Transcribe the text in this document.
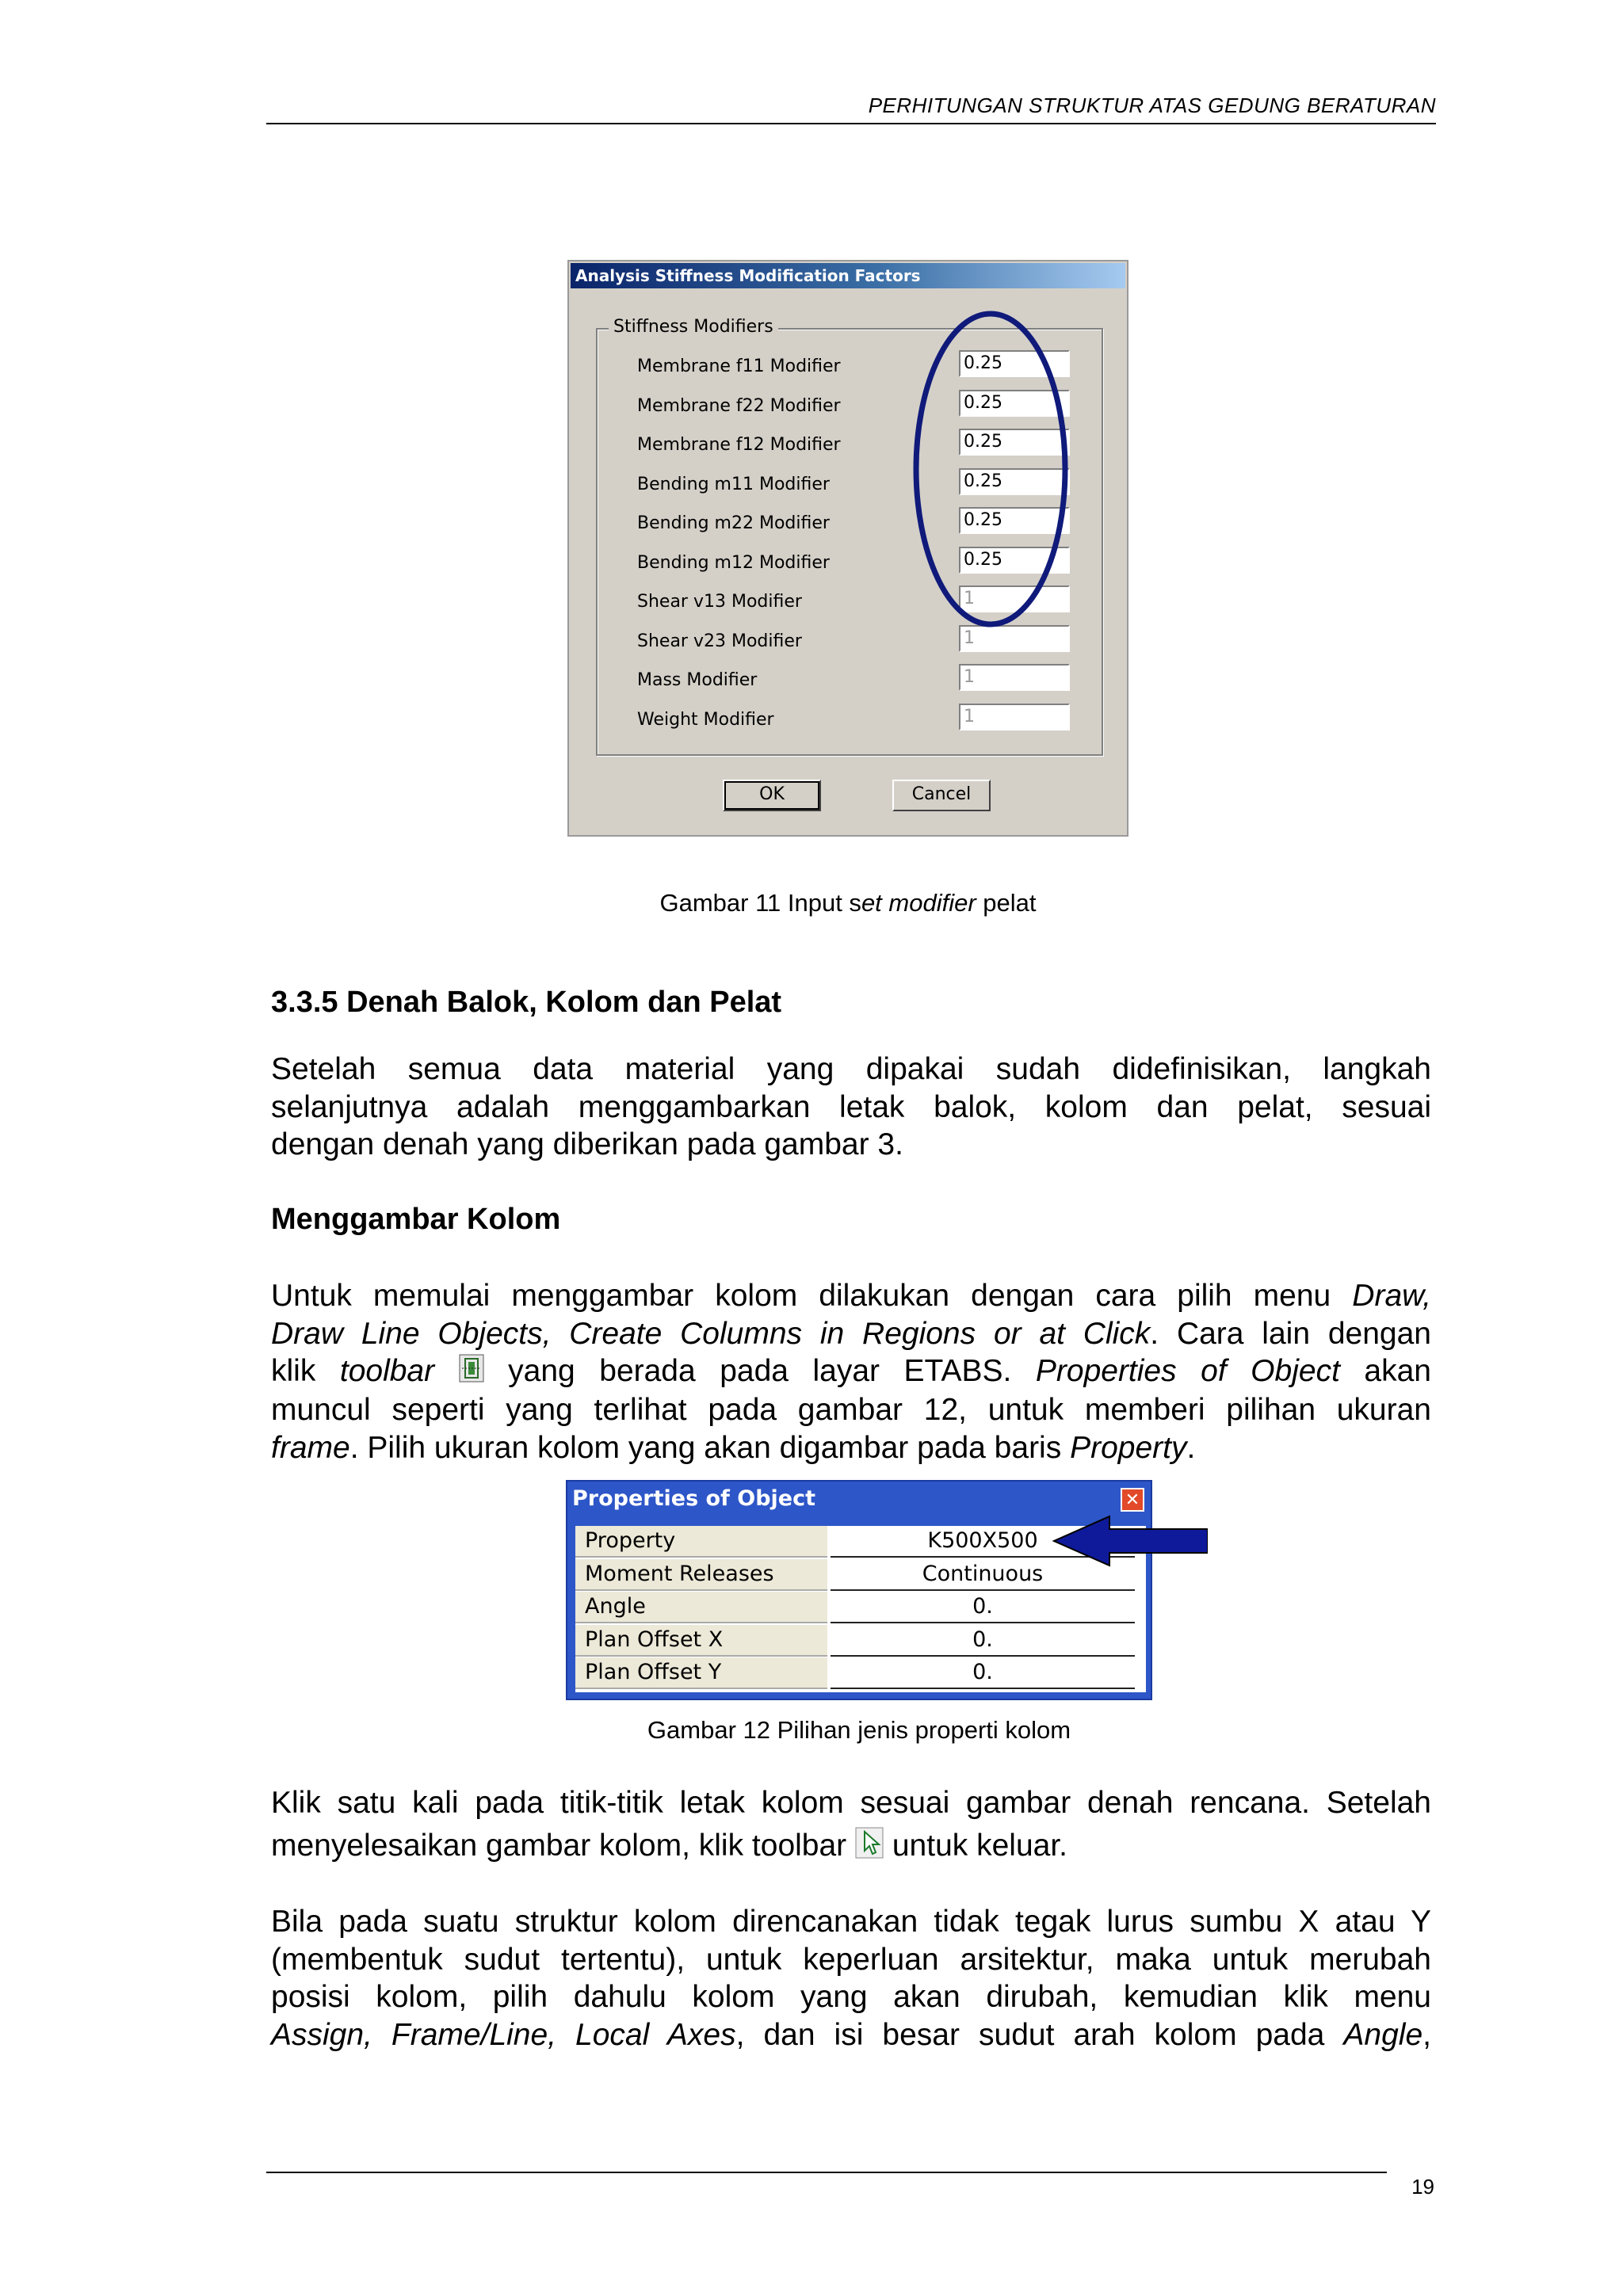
PERHITUNGAN STRUKTUR ATAS GEDUNG BERATURAN
Analysis Stiffness Modification Factors
Stiffness Modifiers
Membrane f11 Modifier	0.25
Membrane f22 Modifier	0.25
Membrane f12 Modifier	0.25
Bending m11 Modifier	0.25
Bending m22 Modifier	0.25
Bending m12 Modifier	0.25
Shear v13 Modifier	1
Shear v23 Modifier	1
Mass Modifier	1
Weight Modifier	1
OK	Cancel
Gambar 11 Input set modifier pelat
3.3.5 Denah Balok, Kolom dan Pelat
Setelah semua data material yang dipakai sudah didefinisikan, langkah
selanjutnya adalah menggambarkan letak balok, kolom dan pelat, sesuai
dengan denah yang diberikan pada gambar 3.
Menggambar Kolom
Untuk memulai menggambar kolom dilakukan dengan cara pilih menu Draw,
Draw Line Objects, Create Columns in Regions or at Click. Cara lain dengan
klik toolbar  yang berada pada layar ETABS. Properties of Object akan
muncul seperti yang terlihat pada gambar 12, untuk memberi pilihan ukuran
frame. Pilih ukuran kolom yang akan digambar pada baris Property.
Properties of Object	✕
Property	K500X500
Moment Releases	Continuous
Angle	0.
Plan Offset X	0.
Plan Offset Y	0.
Gambar 12 Pilihan jenis properti kolom
Klik satu kali pada titik-titik letak kolom sesuai gambar denah rencana. Setelah
menyelesaikan gambar kolom, klik toolbar  untuk keluar.
Bila pada suatu struktur kolom direncanakan tidak tegak lurus sumbu X atau Y
(membentuk sudut tertentu), untuk keperluan arsitektur, maka untuk merubah
posisi kolom, pilih dahulu kolom yang akan dirubah, kemudian klik menu
Assign, Frame/Line, Local Axes, dan isi besar sudut arah kolom pada Angle,
19
